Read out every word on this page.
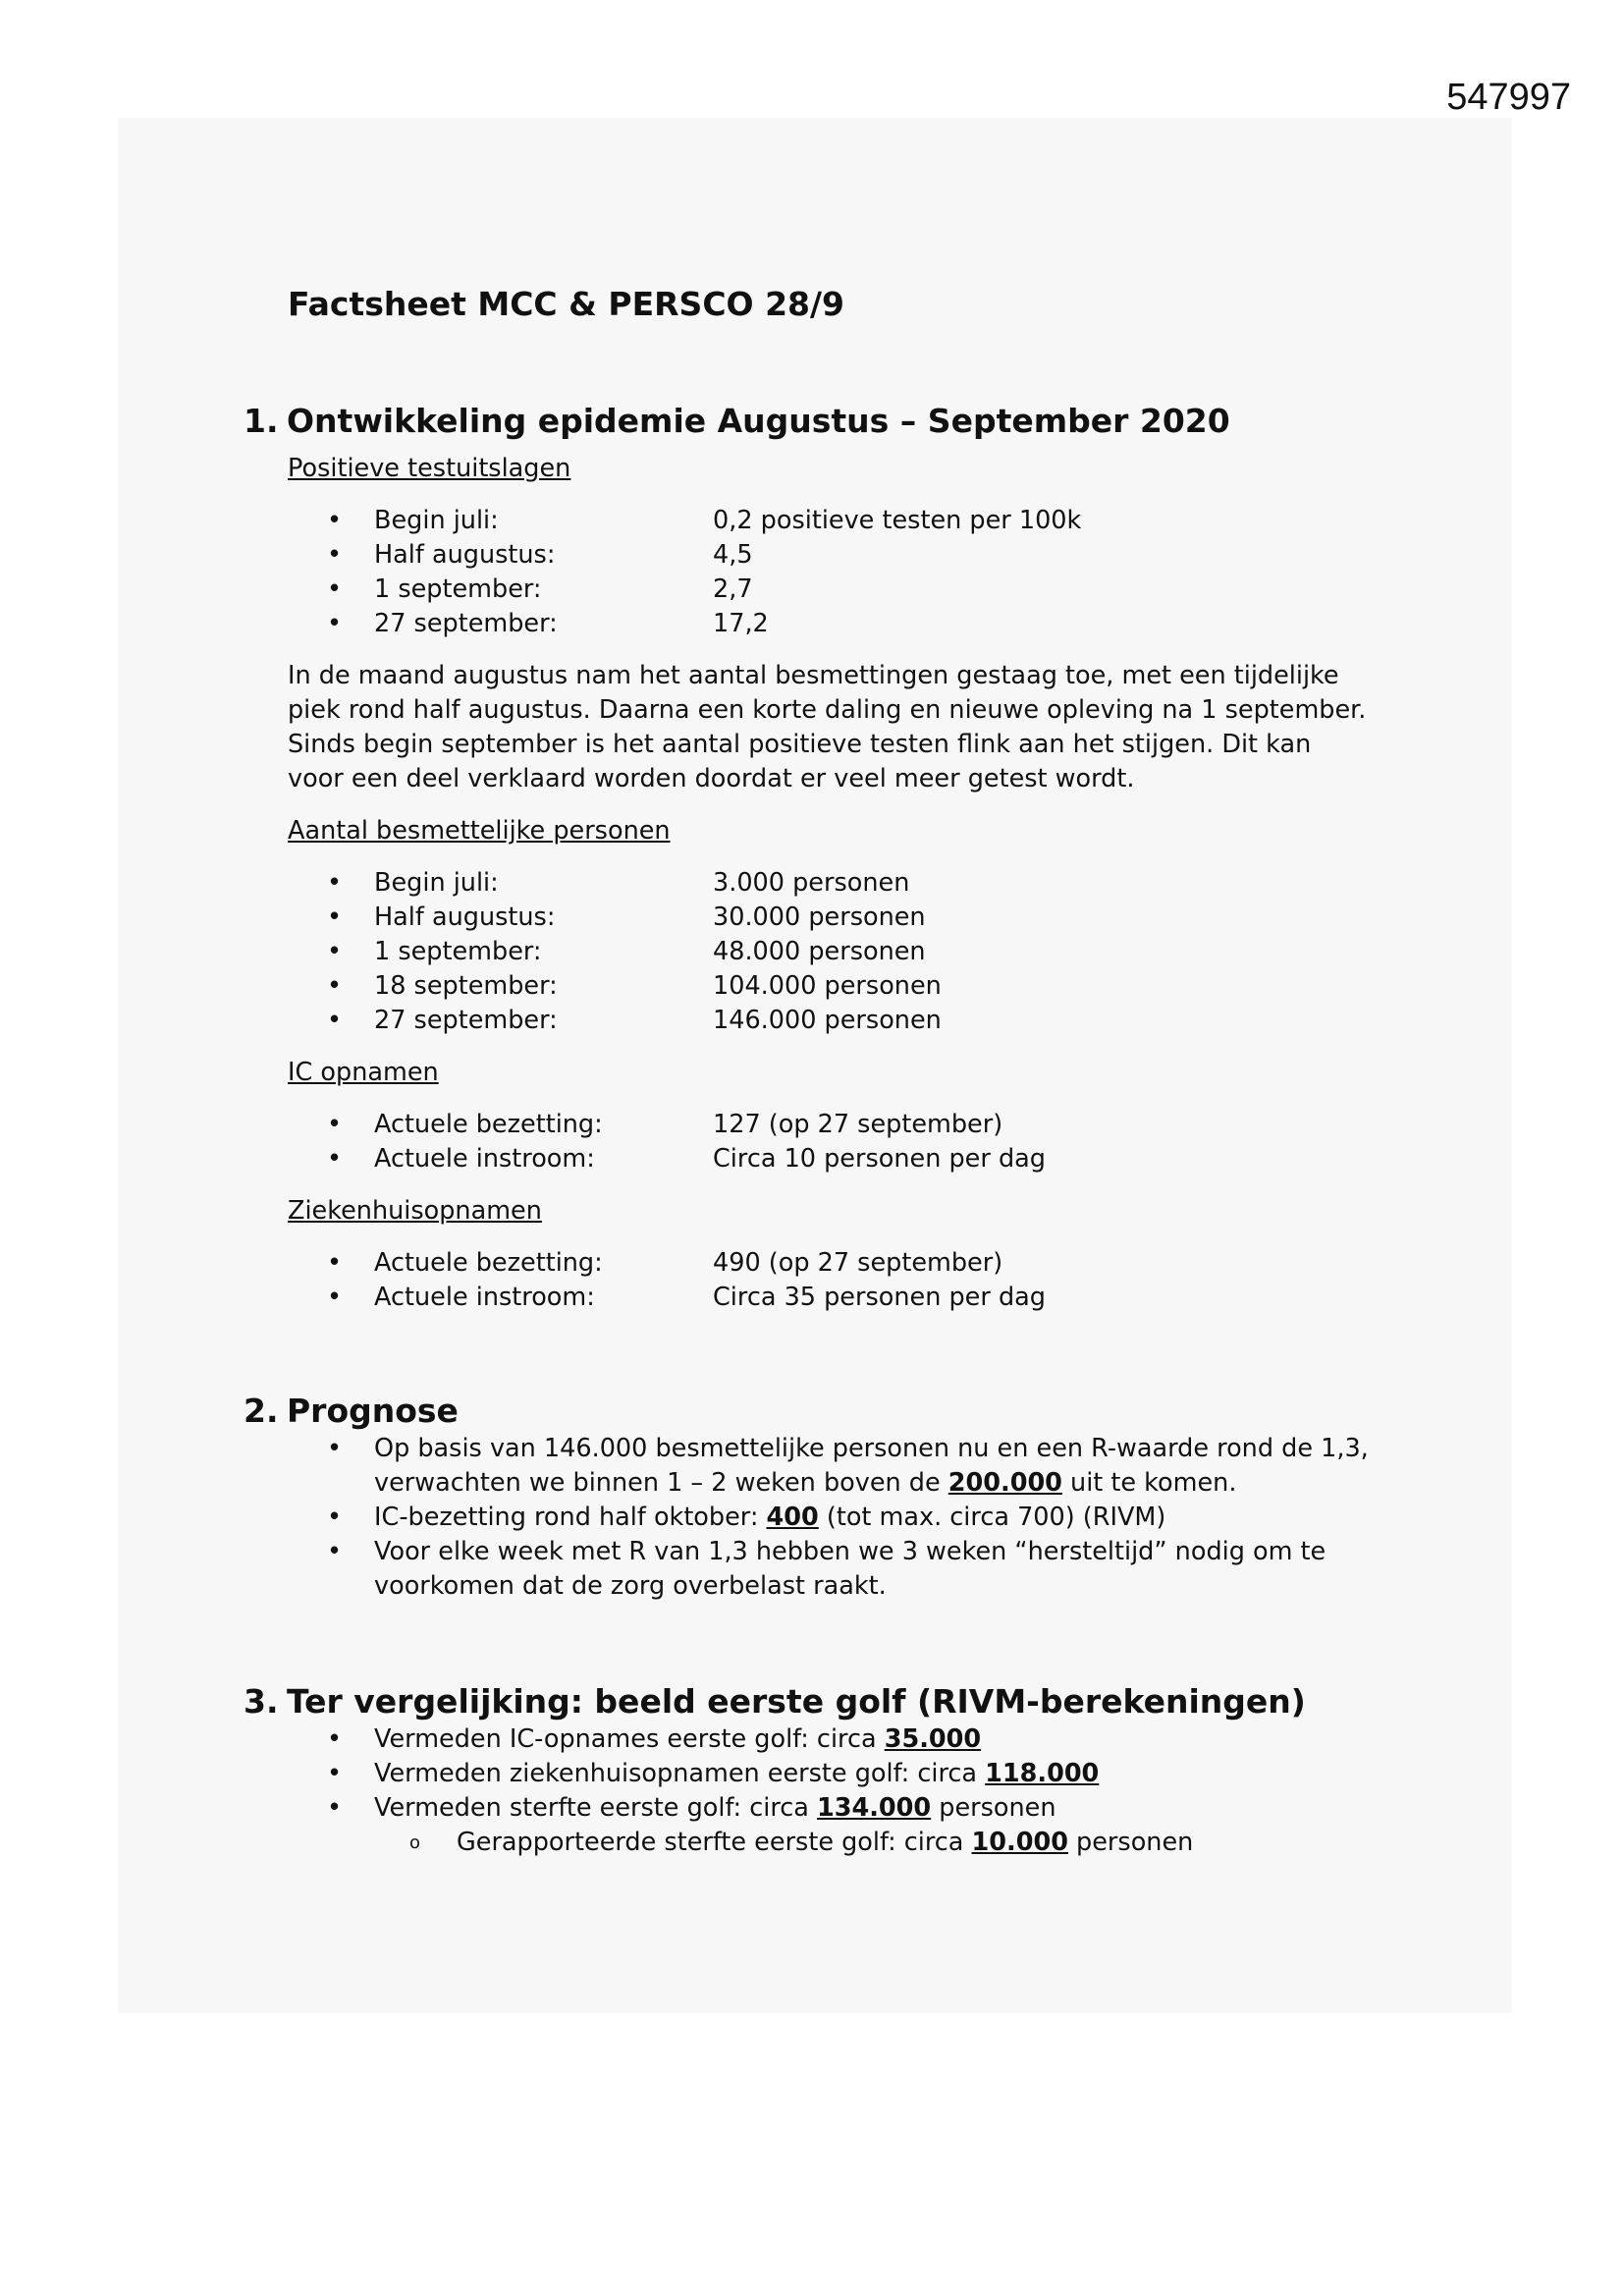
547997
Factsheet MCC & PERSCO 28/9
1. Ontwikkeling epidemie Augustus – September 2020
Positieve testuitslagen
•
Begin juli:	0,2 positieve testen per 100k
•
Half augustus:	4,5
•
1 september:	2,7
•
27 september:	17,2
In de maand augustus nam het aantal besmettingen gestaag toe, met een tijdelijke piek rond half augustus. Daarna een korte daling en nieuwe opleving na 1 september. Sinds begin september is het aantal positieve testen flink aan het stijgen. Dit kan voor een deel verklaard worden doordat er veel meer getest wordt.
Aantal besmettelijke personen
•
Begin juli:	3.000 personen
•
Half augustus:	30.000 personen
•
1 september:	48.000 personen
•
18 september:	104.000 personen
•
27 september:	146.000 personen
IC opnamen
•
Actuele bezetting:	127 (op 27 september)
•
Actuele instroom:	Circa 10 personen per dag
Ziekenhuisopnamen
•
Actuele bezetting:	490 (op 27 september)
•
Actuele instroom:	Circa 35 personen per dag
2. Prognose
•
Op basis van 146.000 besmettelijke personen nu en een R-waarde rond de 1,3, verwachten we binnen 1 – 2 weken boven de 200.000 uit te komen.
•
IC-bezetting rond half oktober: 400 (tot max. circa 700) (RIVM)
•
Voor elke week met R van 1,3 hebben we 3 weken “hersteltijd” nodig om te voorkomen dat de zorg overbelast raakt.
3. Ter vergelijking: beeld eerste golf (RIVM-berekeningen)
•
Vermeden IC-opnames eerste golf: circa 35.000
•
Vermeden ziekenhuisopnamen eerste golf: circa 118.000
•
Vermeden sterfte eerste golf: circa 134.000 personen
o
Gerapporteerde sterfte eerste golf: circa 10.000 personen
